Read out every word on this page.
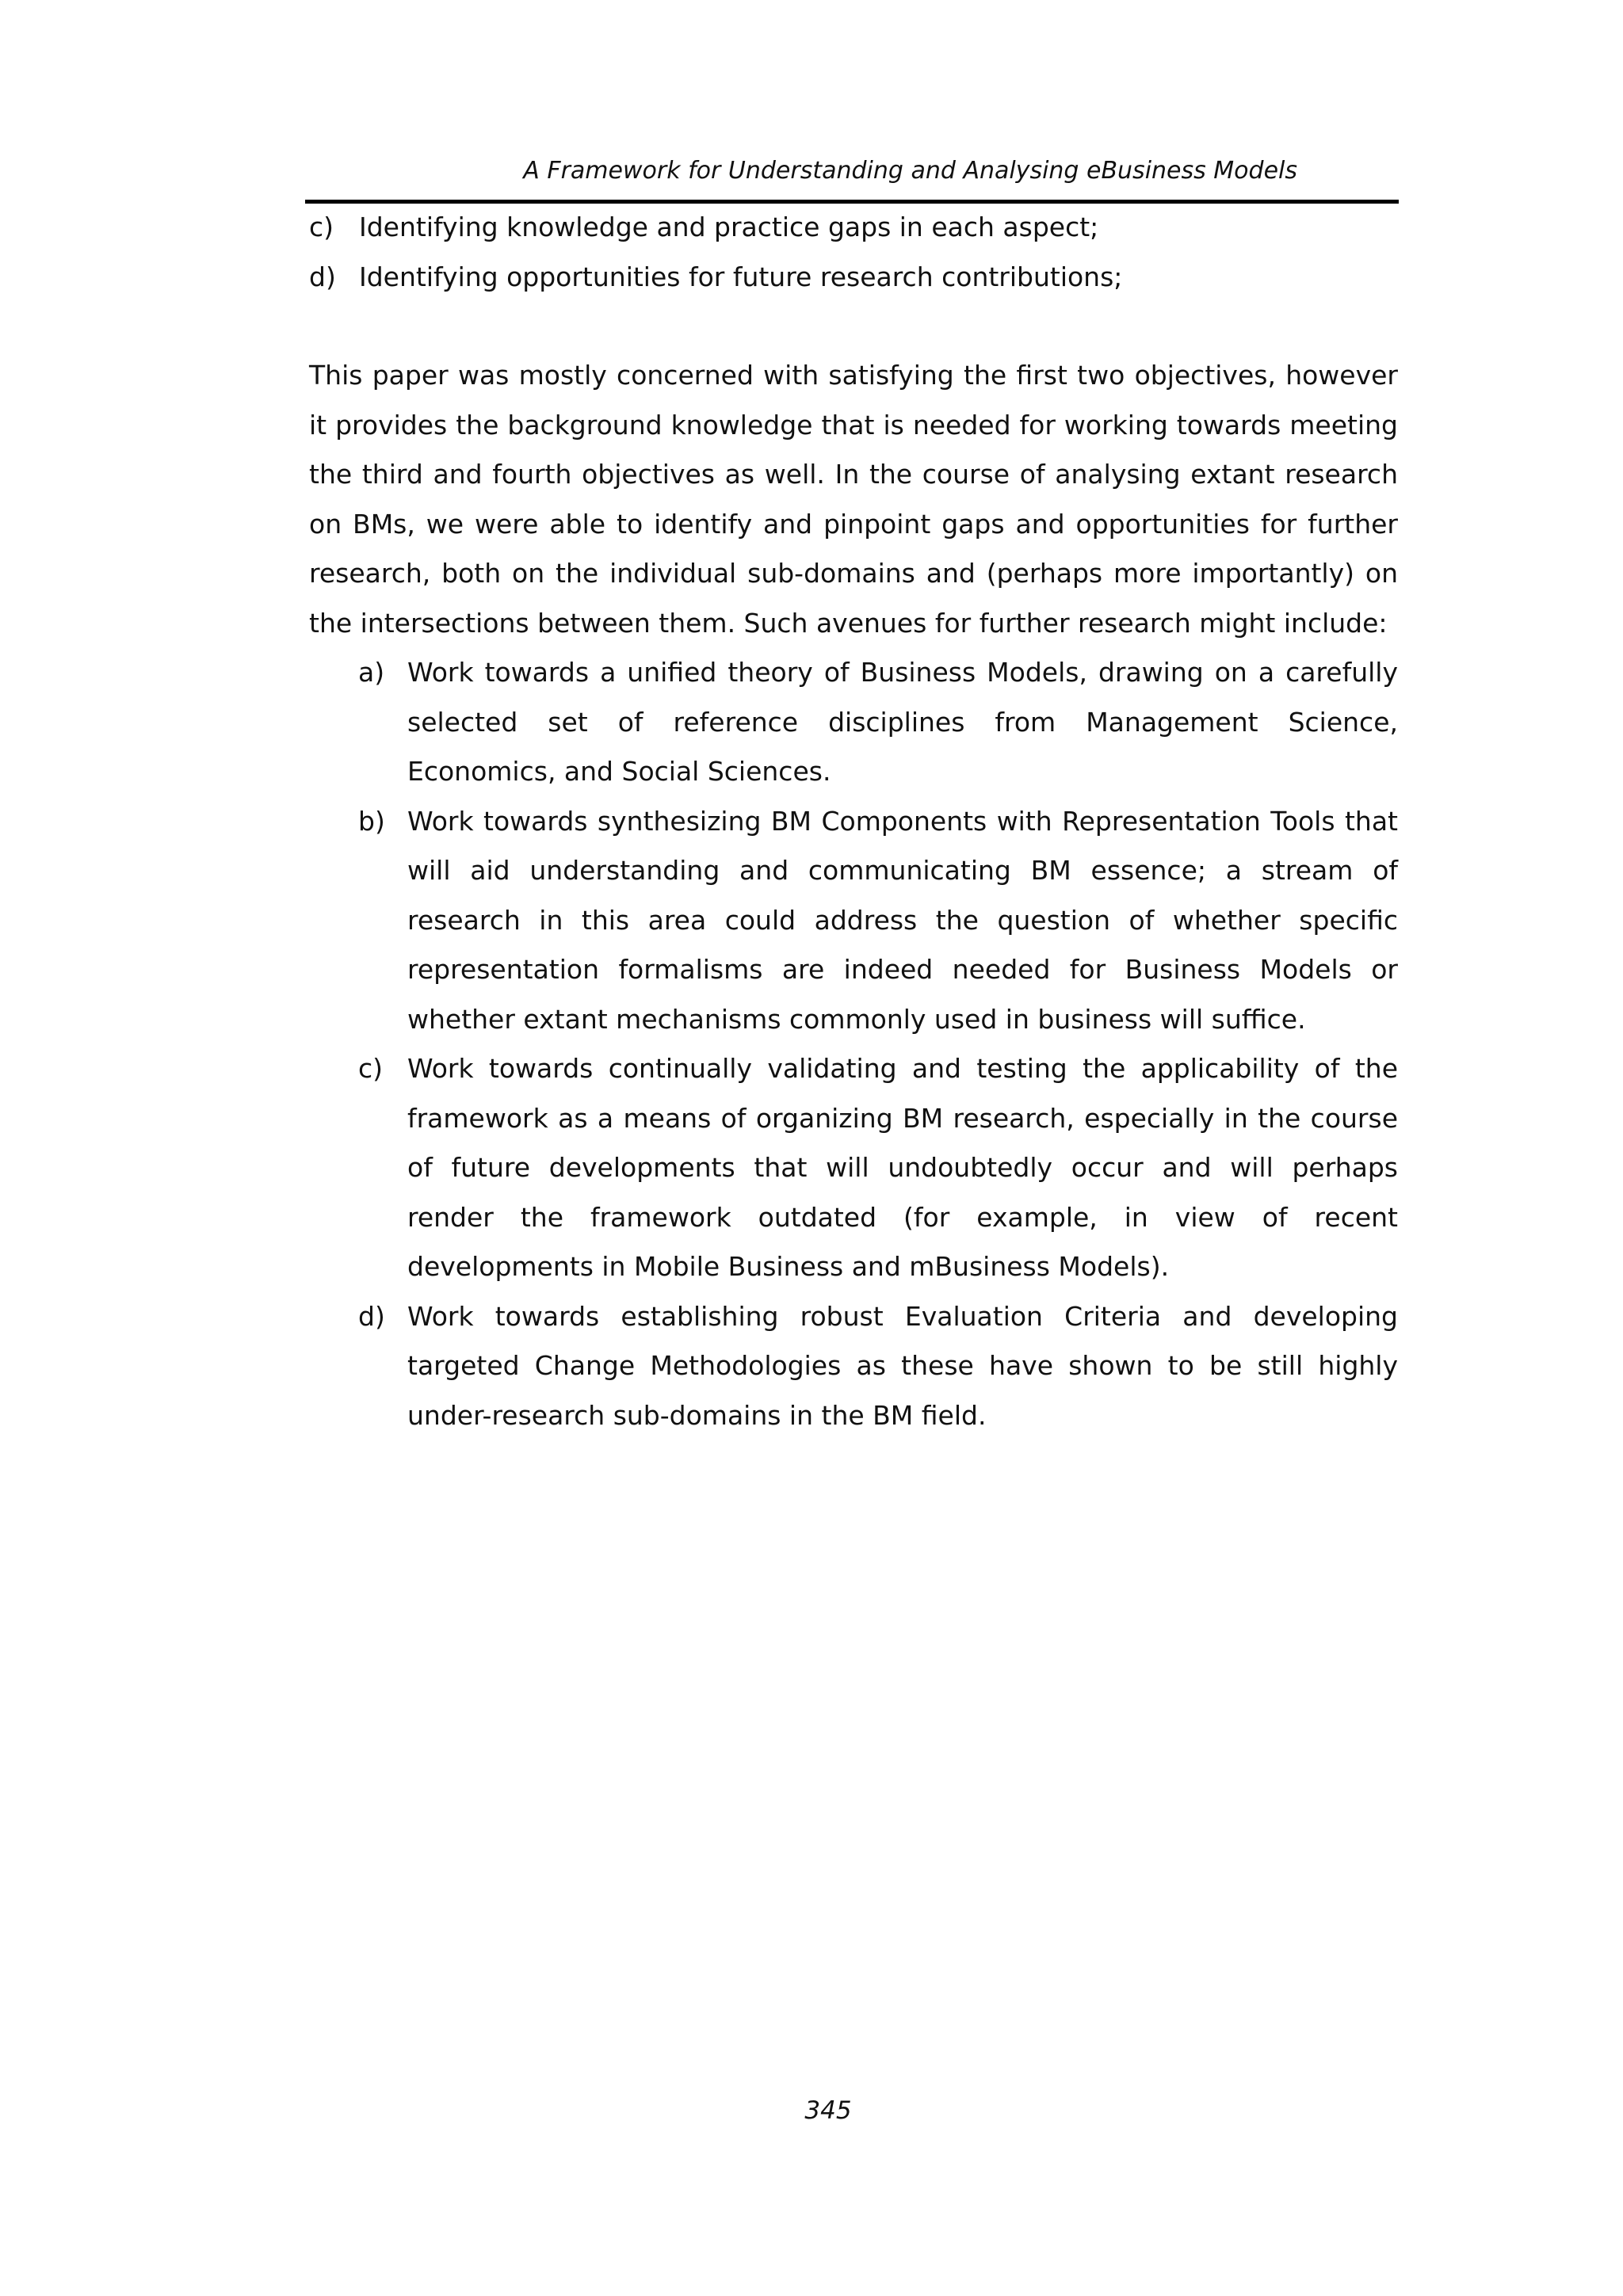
A Framework for Understanding and Analysing eBusiness Models
c) Identifying knowledge and practice gaps in each aspect;
d) Identifying opportunities for future research contributions;

This paper was mostly concerned with satisfying the first two objectives, however it provides the background knowledge that is needed for working towards meeting the third and fourth objectives as well. In the course of analysing extant research on BMs, we were able to identify and pinpoint gaps and opportunities for further research, both on the individual sub-domains and (perhaps more importantly) on the intersections between them. Such avenues for further research might include:

a) Work towards a unified theory of Business Models, drawing on a carefully selected set of reference disciplines from Management Science, Economics, and Social Sciences.
b) Work towards synthesizing BM Components with Representation Tools that will aid understanding and communicating BM essence; a stream of research in this area could address the question of whether specific representation formalisms are indeed needed for Business Models or whether extant mechanisms commonly used in business will suffice.
c) Work towards continually validating and testing the applicability of the framework as a means of organizing BM research, especially in the course of future developments that will undoubtedly occur and will perhaps render the framework outdated (for example, in view of recent developments in Mobile Business and mBusiness Models).
d) Work towards establishing robust Evaluation Criteria and developing targeted Change Methodologies as these have shown to be still highly under-research sub-domains in the BM field.
345
